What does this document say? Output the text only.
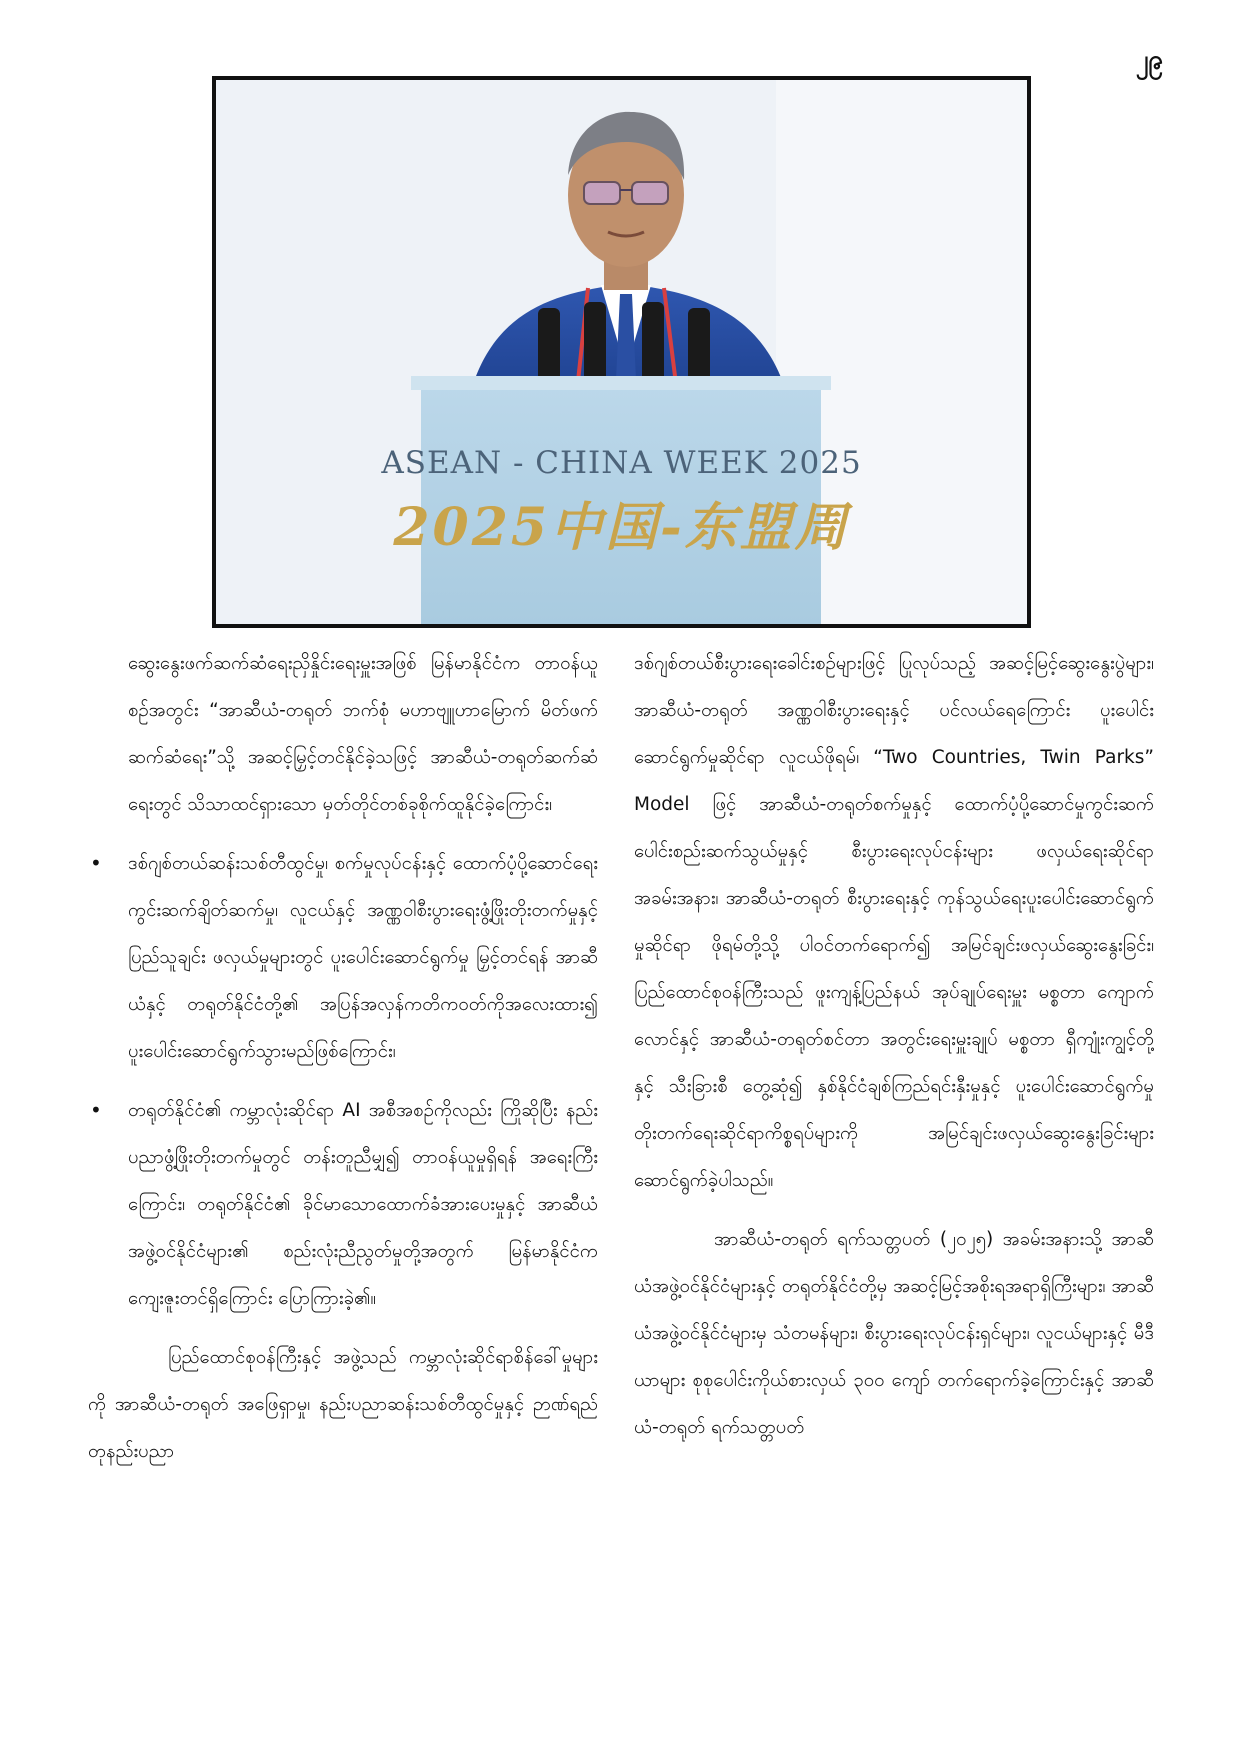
၂၉
ASEAN - CHINA WEEK 2025
2025中国-东盟周

ဆွေးနွေးဖက်ဆက်ဆံရေးညှိနှိုင်းရေးမှူးအဖြစ် မြန်မာနိုင်ငံက တာဝန်ယူစဉ်အတွင်း “အာဆီယံ-တရုတ် ဘက်စုံ မဟာဗျူဟာမြောက် မိတ်ဖက်ဆက်ဆံရေး”သို့ အဆင့်မြှင့်တင်နိုင်ခဲ့သဖြင့် အာဆီယံ-တရုတ်ဆက်ဆံရေးတွင် သိသာထင်ရှားသော မှတ်တိုင်တစ်ခုစိုက်ထူနိုင်ခဲ့ကြောင်း၊

• ဒစ်ဂျစ်တယ်ဆန်းသစ်တီထွင်မှု၊ စက်မှုလုပ်ငန်းနှင့် ထောက်ပံ့ပို့ဆောင်ရေးကွင်းဆက်ချိတ်ဆက်မှု၊ လူငယ်နှင့် အဏ္ဏဝါစီးပွားရေးဖွံ့ဖြိုးတိုးတက်မှုနှင့် ပြည်သူချင်း ဖလှယ်မှုများတွင် ပူးပေါင်းဆောင်ရွက်မှု မြှင့်တင်ရန် အာဆီယံနှင့် တရုတ်နိုင်ငံတို့၏ အပြန်အလှန်ကတိကဝတ်ကိုအလေးထား၍ ပူးပေါင်းဆောင်ရွက်သွားမည်ဖြစ်ကြောင်း၊

• တရုတ်နိုင်ငံ၏ ကမ္ဘာလုံးဆိုင်ရာ AI အစီအစဉ်ကိုလည်း ကြိုဆိုပြီး နည်းပညာဖွံ့ဖြိုးတိုးတက်မှုတွင် တန်းတူညီမျှ၍ တာဝန်ယူမှုရှိရန် အရေးကြီးကြောင်း၊ တရုတ်နိုင်ငံ၏ ခိုင်မာသောထောက်ခံအားပေးမှုနှင့် အာဆီယံအဖွဲ့ဝင်နိုင်ငံများ၏ စည်းလုံးညီညွတ်မှုတို့အတွက် မြန်မာနိုင်ငံက ကျေးဇူးတင်ရှိကြောင်း ပြောကြားခဲ့၏။

ပြည်ထောင်စုဝန်ကြီးနှင့် အဖွဲ့သည် ကမ္ဘာလုံးဆိုင်ရာစိန်ခေါ်မှုများကို အာဆီယံ-တရုတ် အဖြေရှာမှု၊ နည်းပညာဆန်းသစ်တီထွင်မှုနှင့် ဉာဏ်ရည်တုနည်းပညာ

ဒစ်ဂျစ်တယ်စီးပွားရေးခေါင်းစဉ်များဖြင့် ပြုလုပ်သည့် အဆင့်မြင့်ဆွေးနွေးပွဲများ၊ အာဆီယံ-တရုတ် အဏ္ဏဝါစီးပွားရေးနှင့် ပင်လယ်ရေကြောင်း ပူးပေါင်းဆောင်ရွက်မှုဆိုင်ရာ လူငယ်ဖိုရမ်၊ “Two Countries, Twin Parks” Model ဖြင့် အာဆီယံ-တရုတ်စက်မှုနှင့် ထောက်ပံ့ပို့ဆောင်မှုကွင်းဆက်ပေါင်းစည်းဆက်သွယ်မှုနှင့် စီးပွားရေးလုပ်ငန်းများ ဖလှယ်ရေးဆိုင်ရာအခမ်းအနား၊ အာဆီယံ-တရုတ် စီးပွားရေးနှင့် ကုန်သွယ်ရေးပူးပေါင်းဆောင်ရွက်မှုဆိုင်ရာ ဖိုရမ်တို့သို့ ပါဝင်တက်ရောက်၍ အမြင်ချင်းဖလှယ်ဆွေးနွေးခြင်း၊ ပြည်ထောင်စုဝန်ကြီးသည် ဖူးကျန့်ပြည်နယ် အုပ်ချုပ်ရေးမှူး မစ္စတာ ကျောက်လောင်နှင့် အာဆီယံ-တရုတ်စင်တာ အတွင်းရေးမှူးချုပ် မစ္စတာ ရှီကျုံးကျွင့်တို့နှင့် သီးခြားစီ တွေ့ဆုံ၍ နှစ်နိုင်ငံချစ်ကြည်ရင်းနှီးမှုနှင့် ပူးပေါင်းဆောင်ရွက်မှု တိုးတက်ရေးဆိုင်ရာကိစ္စရပ်များကို အမြင်ချင်းဖလှယ်ဆွေးနွေးခြင်းများ ဆောင်ရွက်ခဲ့ပါသည်။

အာဆီယံ-တရုတ် ရက်သတ္တပတ် (၂၀၂၅) အခမ်းအနားသို့ အာဆီယံအဖွဲ့ဝင်နိုင်ငံများနှင့် တရုတ်နိုင်ငံတို့မှ အဆင့်မြင့်အစိုးရအရာရှိကြီးများ၊ အာဆီယံအဖွဲ့ဝင်နိုင်ငံများမှ သံတမန်များ၊ စီးပွားရေးလုပ်ငန်းရှင်များ၊ လူငယ်များနှင့် မီဒီယာများ စုစုပေါင်းကိုယ်စားလှယ် ၃၀၀ ကျော် တက်ရောက်ခဲ့ကြောင်းနှင့် အာဆီယံ-တရုတ် ရက်သတ္တပတ်
